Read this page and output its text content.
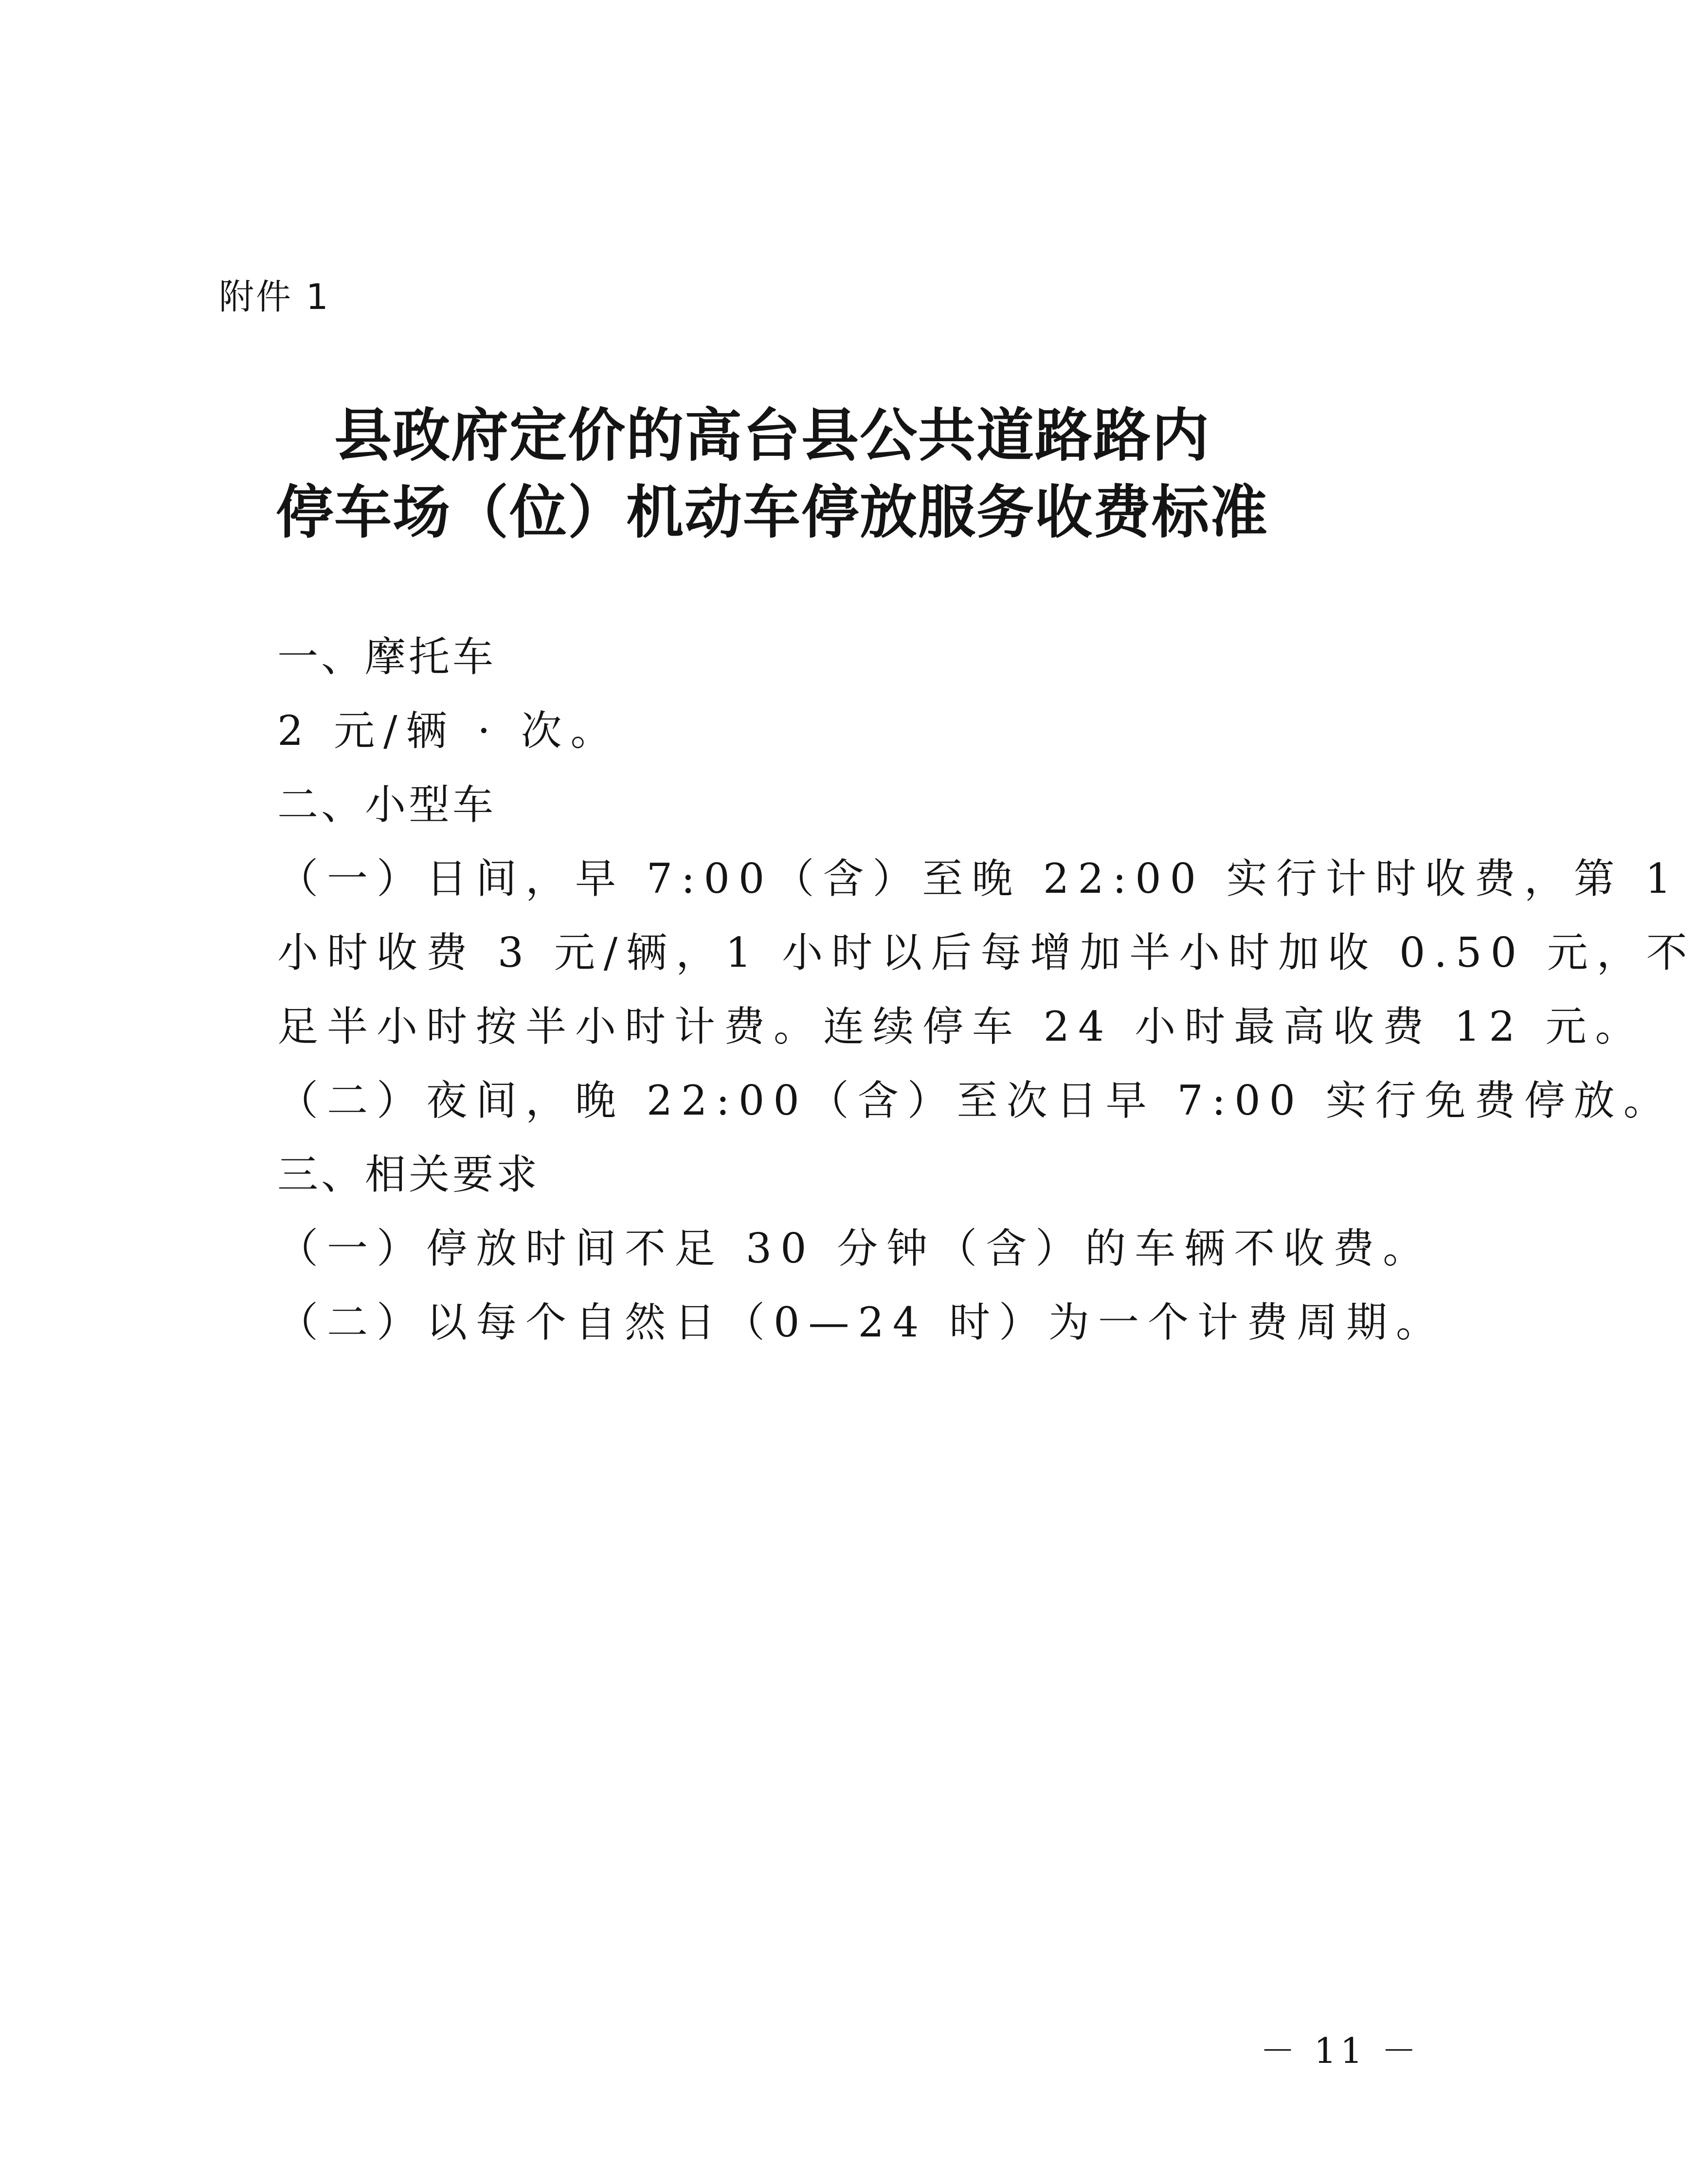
附件 1
县政府定价的高台县公共道路路内
停车场（位）机动车停放服务收费标准
一、摩托车
2 元/辆 · 次。
二、小型车
（一）日间，早 7:00（含）至晚 22:00 实行计时收费，第 1
小时收费 3 元/辆，1 小时以后每增加半小时加收 0.50 元，不
足半小时按半小时计费。连续停车 24 小时最高收费 12 元。
（二）夜间，晚 22:00（含）至次日早 7:00 实行免费停放。
三、相关要求
（一）停放时间不足 30 分钟（含）的车辆不收费。
（二）以每个自然日（0—24 时）为一个计费周期。
－ 11 －
